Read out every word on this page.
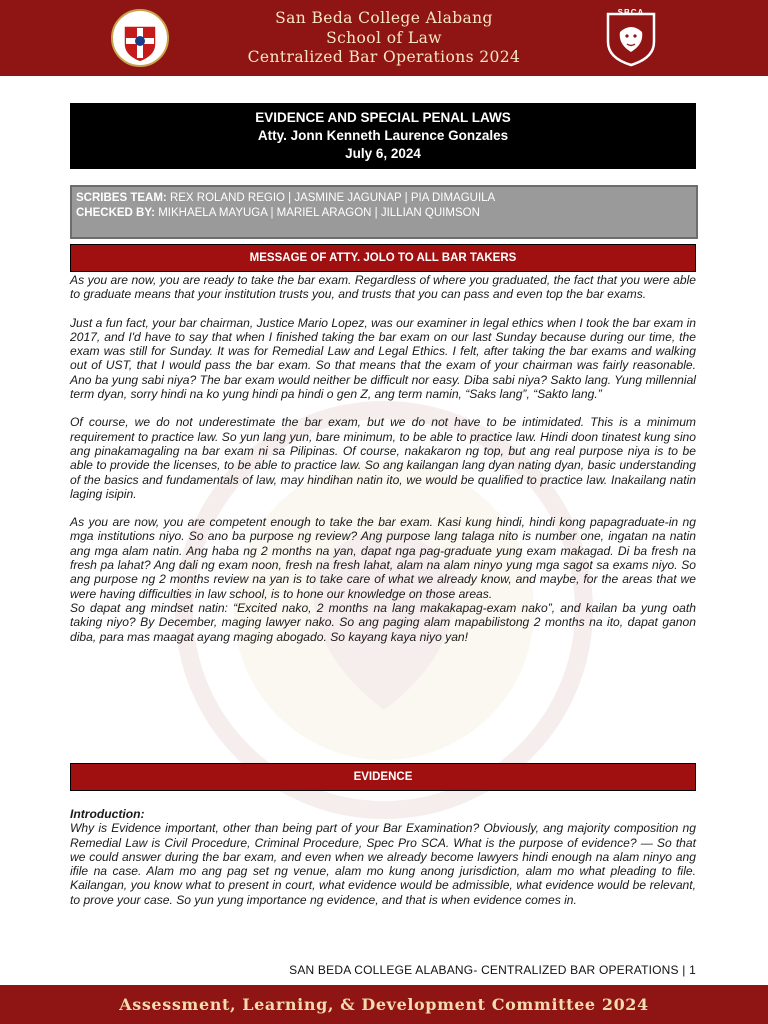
San Beda College Alabang
School of Law
Centralized Bar Operations 2024
SBCA
EVIDENCE AND SPECIAL PENAL LAWS
Atty. Jonn Kenneth Laurence Gonzales
July 6, 2024
SCRIBES TEAM: REX ROLAND REGIO | JASMINE JAGUNAP | PIA DIMAGUILA
CHECKED BY: MIKHAELA MAYUGA | MARIEL ARAGON | JILLIAN QUIMSON
MESSAGE OF ATTY. JOLO TO ALL BAR TAKERS

As you are now, you are ready to take the bar exam. Regardless of where you graduated, the fact that you were able to graduate means that your institution trusts you, and trusts that you can pass and even top the bar exams.

Just a fun fact, your bar chairman, Justice Mario Lopez, was our examiner in legal ethics when I took the bar exam in 2017, and I'd have to say that when I finished taking the bar exam on our last Sunday because during our time, the exam was still for Sunday. It was for Remedial Law and Legal Ethics. I felt, after taking the bar exams and walking out of UST, that I would pass the bar exam. So that means that the exam of your chairman was fairly reasonable. Ano ba yung sabi niya? The bar exam would neither be difficult nor easy. Diba sabi niya? Sakto lang. Yung millennial term dyan, sorry hindi na ko yung hindi pa hindi o gen Z, ang term namin, “Saks lang”, “Sakto lang.”

Of course, we do not underestimate the bar exam, but we do not have to be intimidated. This is a minimum requirement to practice law. So yun lang yun, bare minimum, to be able to practice law. Hindi doon tinatest kung sino ang pinakamagaling na bar exam ni sa Pilipinas. Of course, nakakaron ng top, but ang real purpose niya is to be able to provide the licenses, to be able to practice law. So ang kailangan lang dyan nating dyan, basic understanding of the basics and fundamentals of law, may hindihan natin ito, we would be qualified to practice law. Inakailang natin laging isipin.

As you are now, you are competent enough to take the bar exam. Kasi kung hindi, hindi kong papagraduate-in ng mga institutions niyo. So ano ba purpose ng review? Ang purpose lang talaga nito is number one, ingatan na natin ang mga alam natin. Ang haba ng 2 months na yan, dapat nga pag-graduate yung exam makagad. Di ba fresh na fresh pa lahat? Ang dali ng exam noon, fresh na fresh lahat, alam na alam ninyo yung mga sagot sa exams niyo. So ang purpose ng 2 months review na yan is to take care of what we already know, and maybe, for the areas that we were having difficulties in law school, is to hone our knowledge on those areas.

So dapat ang mindset natin: “Excited nako, 2 months na lang makakapag-exam nako”, and kailan ba yung oath taking niyo? By December, maging lawyer nako. So ang paging alam mapabilistong 2 months na ito, dapat ganon diba, para mas maagat ayang maging abogado. So kayang kaya niyo yan!

EVIDENCE
Introduction:

Why is Evidence important, other than being part of your Bar Examination? Obviously, ang majority composition ng Remedial Law is Civil Procedure, Criminal Procedure, Spec Pro SCA. What is the purpose of evidence? — So that we could answer during the bar exam, and even when we already become lawyers hindi enough na alam ninyo ang ifile na case. Alam mo ang pag set ng venue, alam mo kung anong jurisdiction, alam mo what pleading to file. Kailangan, you know what to present in court, what evidence would be admissible, what evidence would be relevant, to prove your case. So yun yung importance ng evidence, and that is when evidence comes in.

SAN BEDA COLLEGE ALABANG- CENTRALIZED BAR OPERATIONS | 1
Assessment, Learning, & Development Committee 2024
